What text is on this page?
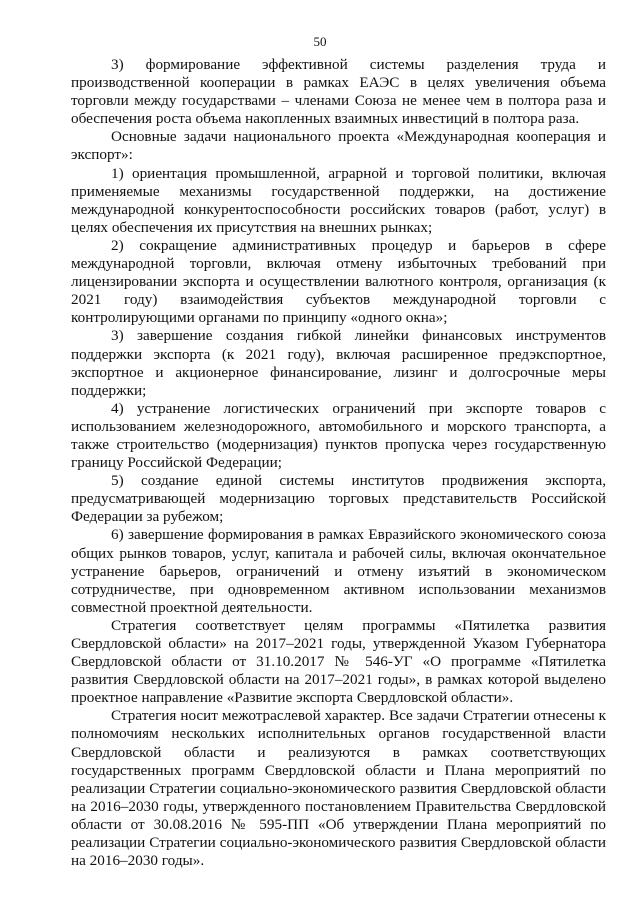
50

3) формирование эффективной системы разделения труда и производственной кооперации в рамках ЕАЭС в целях увеличения объема торговли между государствами – членами Союза не менее чем в полтора раза и обеспечения роста объема накопленных взаимных инвестиций в полтора раза.

Основные задачи национального проекта «Международная кооперация и экспорт»:

1) ориентация промышленной, аграрной и торговой политики, включая применяемые механизмы государственной поддержки, на достижение международной конкурентоспособности российских товаров (работ, услуг) в целях обеспечения их присутствия на внешних рынках;

2) сокращение административных процедур и барьеров в сфере международной торговли, включая отмену избыточных требований при лицензировании экспорта и осуществлении валютного контроля, организация (к 2021 году) взаимодействия субъектов международной торговли с контролирующими органами по принципу «одного окна»;

3) завершение создания гибкой линейки финансовых инструментов поддержки экспорта (к 2021 году), включая расширенное предэкспортное, экспортное и акционерное финансирование, лизинг и долгосрочные меры поддержки;

4) устранение логистических ограничений при экспорте товаров с использованием железнодорожного, автомобильного и морского транспорта, а также строительство (модернизация) пунктов пропуска через государственную границу Российской Федерации;

5) создание единой системы институтов продвижения экспорта, предусматривающей модернизацию торговых представительств Российской Федерации за рубежом;

6) завершение формирования в рамках Евразийского экономического союза общих рынков товаров, услуг, капитала и рабочей силы, включая окончательное устранение барьеров, ограничений и отмену изъятий в экономическом сотрудничестве, при одновременном активном использовании механизмов совместной проектной деятельности.

Стратегия соответствует целям программы «Пятилетка развития Свердловской области» на 2017–2021 годы, утвержденной Указом Губернатора Свердловской области от 31.10.2017 № 546-УГ «О программе «Пятилетка развития Свердловской области на 2017–2021 годы», в рамках которой выделено проектное направление «Развитие экспорта Свердловской области».

Стратегия носит межотраслевой характер. Все задачи Стратегии отнесены к полномочиям нескольких исполнительных органов государственной власти Свердловской области и реализуются в рамках соответствующих государственных программ Свердловской области и Плана мероприятий по реализации Стратегии социально-экономического развития Свердловской области на 2016–2030 годы, утвержденного постановлением Правительства Свердловской области от 30.08.2016 № 595-ПП «Об утверждении Плана мероприятий по реализации Стратегии социально-экономического развития Свердловской области на 2016–2030 годы».
